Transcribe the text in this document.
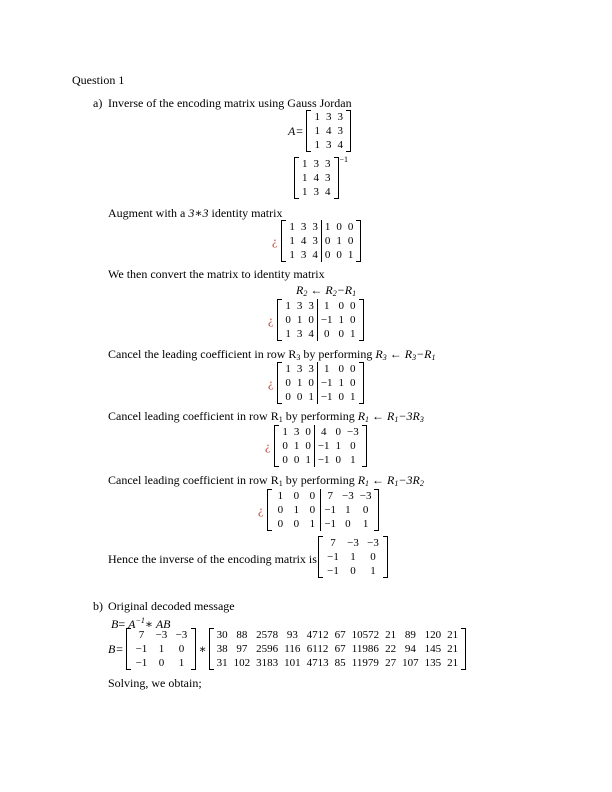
Question 1
a) Inverse of the encoding matrix using Gauss Jordan
A=
1	3	3
1	4	3
1	3	4
1	3	3
1	4	3
1	3	4
−1
Augment with a 3∗3 identity matrix
¿
1	3	3	1	0	0
1	4	3	0	1	0
1	3	4	0	0	1
We then convert the matrix to identity matrix
$R_2$ ← $R_2-R_1$
¿
1	3	3	1	0	0
0	1	0	−1	1	0
1	3	4	0	0	1
Cancel the leading coefficient in row $R_3$ by performing $R_3$ ← $R_3-R_1$
¿
1	3	3	1	0	0
0	1	0	−1	1	0
0	0	1	−1	0	1
Cancel leading coefficient in row $R_1$ by performing $R_1$ ← $R_1-3R_3$
¿
1	3	0	4	0	−3
0	1	0	−1	1	0
0	0	1	−1	0	1
Cancel leading coefficient in row $R_1$ by performing $R_1$ ← $R_1-3R_2$
¿
1	0	0	7	−3	−3
0	1	0	−1	1	0
0	0	1	−1	0	1
Hence the inverse of the encoding matrix is
7	−3	−3
−1	1	0
−1	0	1
b) Original decoded message
$B= A^{-1}∗$ AB
B=
7	−3	−3
−1	1	0
−1	0	1
∗
30	88	2578	93	4712	67	10572	21	89	120	21
38	97	2596	116	6112	67	11986	22	94	145	21
31	102	3183	101	4713	85	11979	27	107	135	21
Solving, we obtain;
